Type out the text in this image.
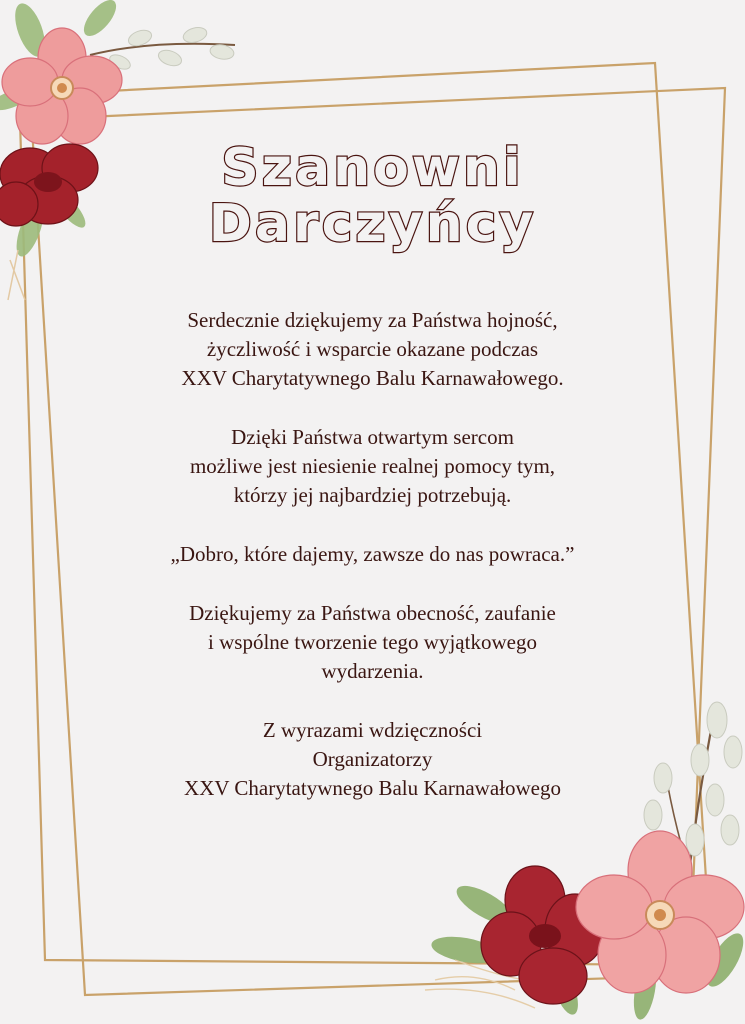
Szanowni
Darczyńcy

Serdecznie dziękujemy za Państwa hojność,
życzliwość i wsparcie okazane podczas
XXV Charytatywnego Balu Karnawałowego.

Dzięki Państwa otwartym sercom
możliwe jest niesienie realnej pomocy tym,
którzy jej najbardziej potrzebują.

„Dobro, które dajemy, zawsze do nas powraca.”

Dziękujemy za Państwa obecność, zaufanie
i wspólne tworzenie tego wyjątkowego
wydarzenia.

Z wyrazami wdzięczności
Organizatorzy
XXV Charytatywnego Balu Karnawałowego
